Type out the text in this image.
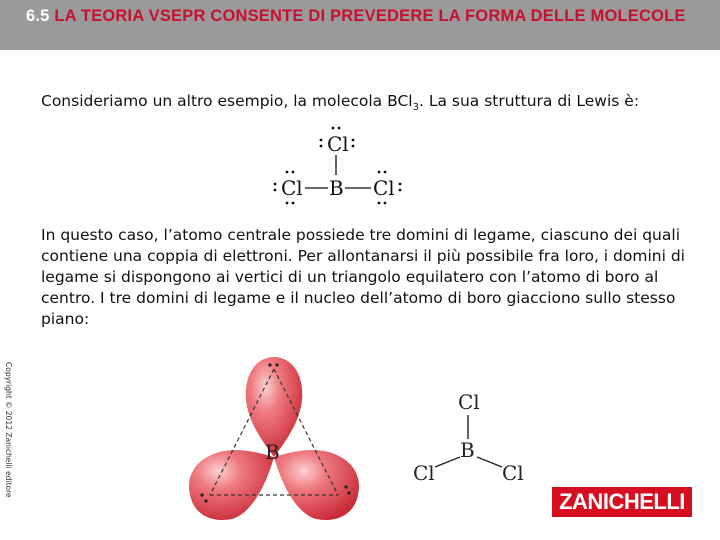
6.5 LA TEORIA VSEPR CONSENTE DI PREVEDERE LA FORMA DELLE MOLECOLE

Consideriamo un altro esempio, la molecola BCl$_3$. La sua struttura di Lewis è:

Cl
Cl B Cl

In questo caso, l’atomo centrale possiede tre domini di legame, ciascuno dei quali contiene una coppia di elettroni. Per allontanarsi il più possibile fra loro, i domini di legame si dispongono ai vertici di un triangolo equilatero con l’atomo di boro al centro. I tre domini di legame e il nucleo dell’atomo di boro giacciono sullo stesso piano:

Copyright © 2012 Zanichelli editore	B
Cl
B
Cl	Cl
ZANICHELLI
